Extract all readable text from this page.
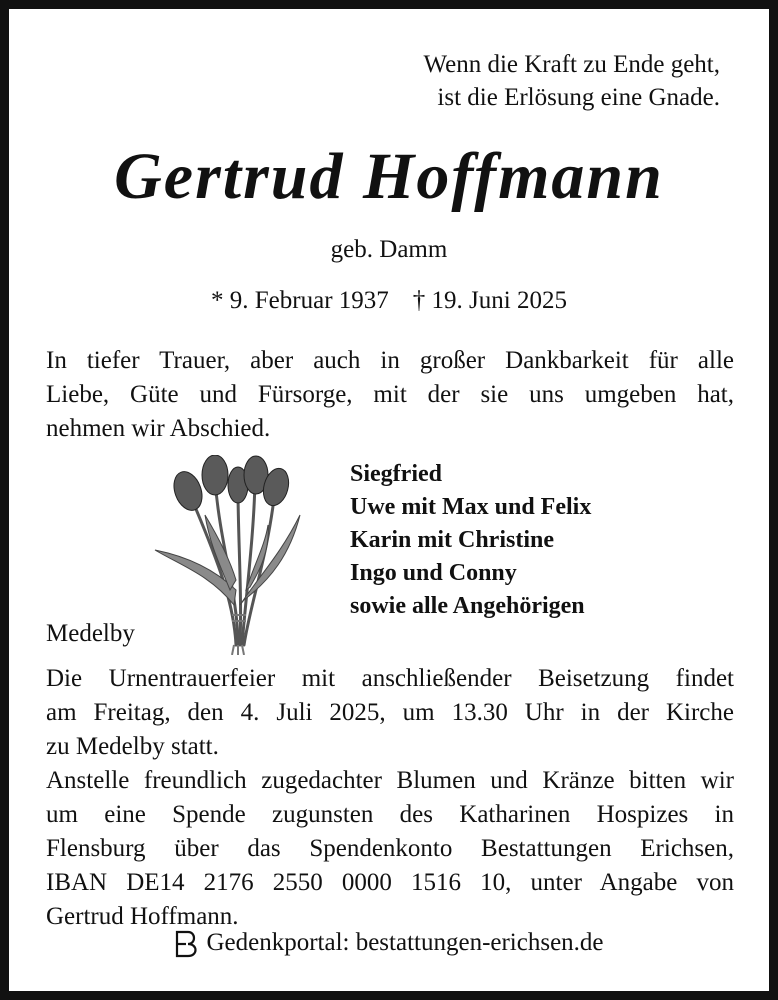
Wenn die Kraft zu Ende geht,
ist die Erlösung eine Gnade.
Gertrud Hoffmann
geb. Damm
* 9. Februar 1937 † 19. Juni 2025
In tiefer Trauer, aber auch in großer Dankbarkeit für alle
Liebe, Güte und Fürsorge, mit der sie uns umgeben hat,
nehmen wir Abschied.
Siegfried
Uwe mit Max und Felix
Karin mit Christine
Ingo und Conny
sowie alle Angehörigen
Medelby
Die Urnentrauerfeier mit anschließender Beisetzung findet
am Freitag, den 4. Juli 2025, um 13.30 Uhr in der Kirche
zu Medelby statt.
Anstelle freundlich zugedachter Blumen und Kränze bitten wir
um eine Spende zugunsten des Katharinen Hospizes in
Flensburg über das Spendenkonto Bestattungen Erichsen,
IBAN DE14 2176 2550 0000 1516 10, unter Angabe von
Gertrud Hoffmann.
Gedenkportal: bestattungen-erichsen.de
